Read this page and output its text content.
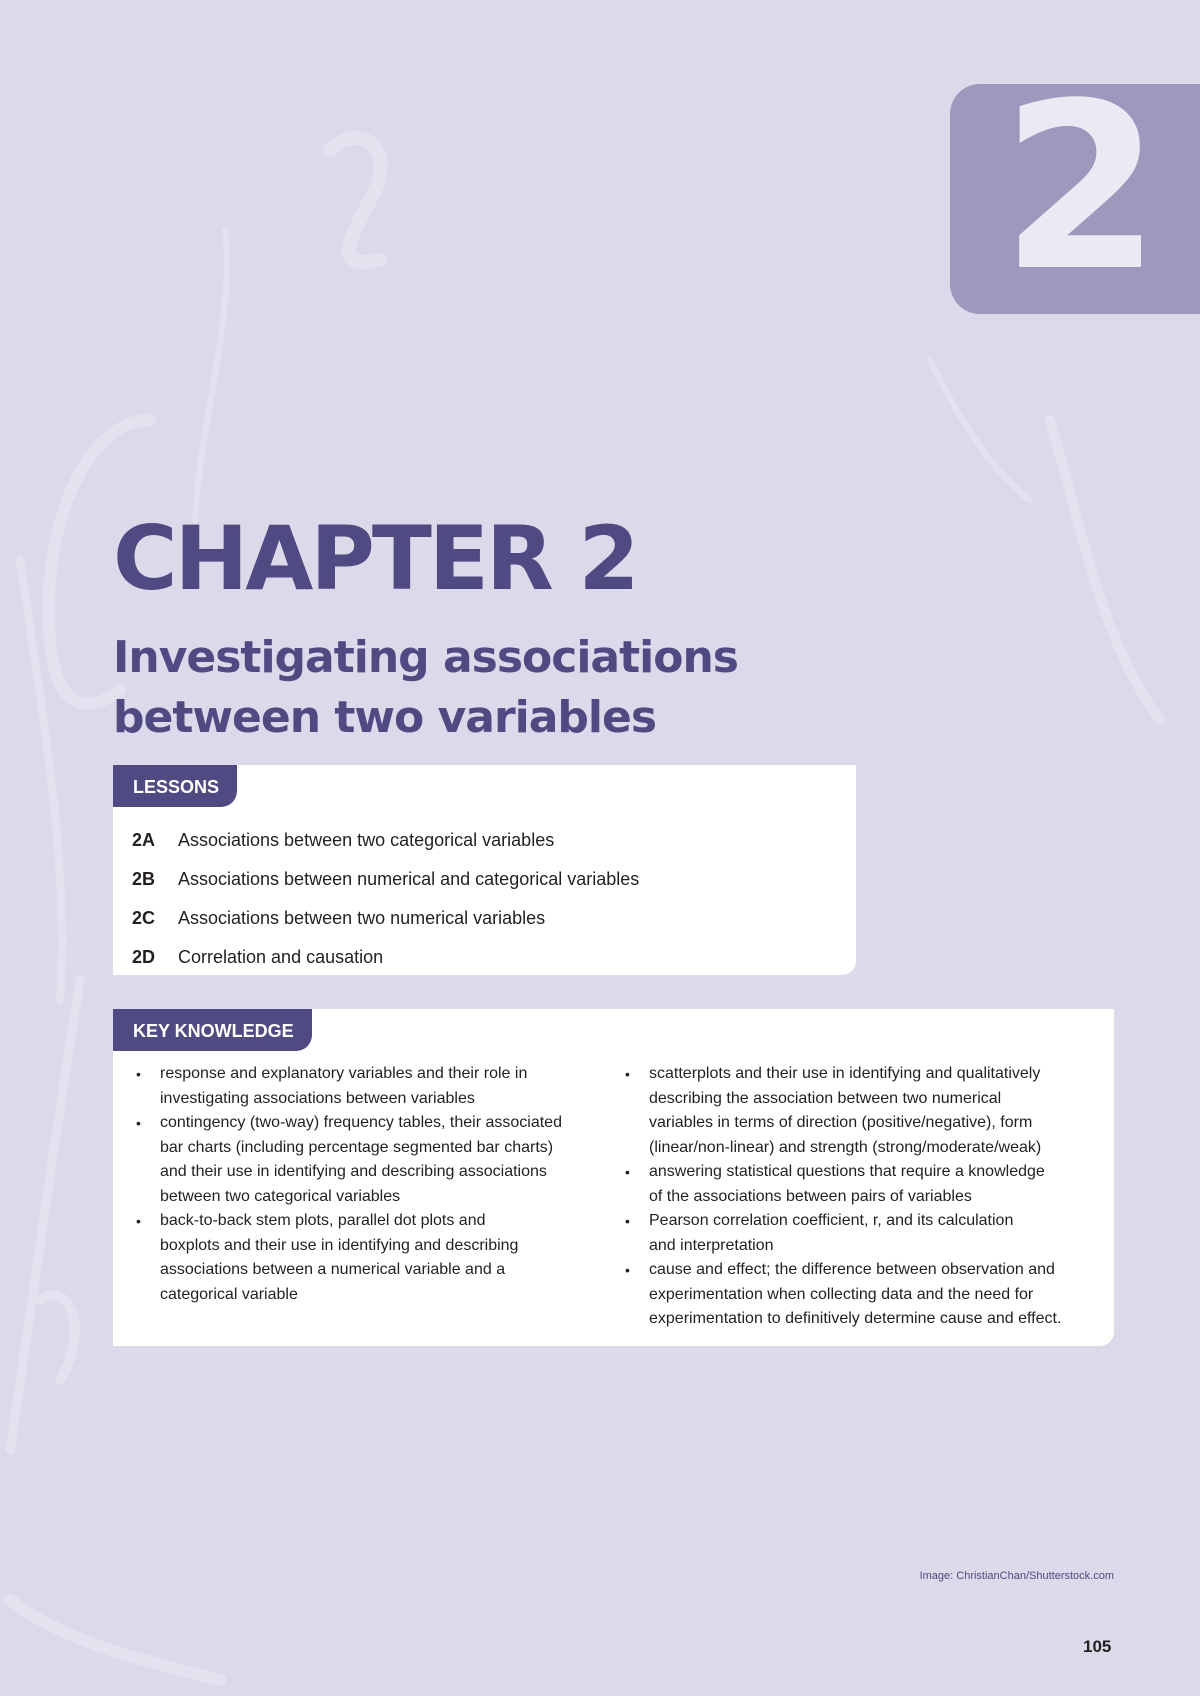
2
CHAPTER 2
Investigating associations
between two variables
LESSONS
2A	Associations between two categorical variables
2B	Associations between numerical and categorical variables
2C	Associations between two numerical variables
2D	Correlation and causation
KEY KNOWLEDGE
• response and explanatory variables and their role in
investigating associations between variables
• contingency (two-way) frequency tables, their associated
bar charts (including percentage segmented bar charts)
and their use in identifying and describing associations
between two categorical variables
• back-to-back stem plots, parallel dot plots and
boxplots and their use in identifying and describing
associations between a numerical variable and a
categorical variable
• scatterplots and their use in identifying and qualitatively
describing the association between two numerical
variables in terms of direction (positive/negative), form
(linear/non-linear) and strength (strong/moderate/weak)
• answering statistical questions that require a knowledge
of the associations between pairs of variables
• Pearson correlation coefficient, r, and its calculation
and interpretation
• cause and effect; the difference between observation and
experimentation when collecting data and the need for
experimentation to definitively determine cause and effect.
Image: ChristianChan/Shutterstock.com
105
